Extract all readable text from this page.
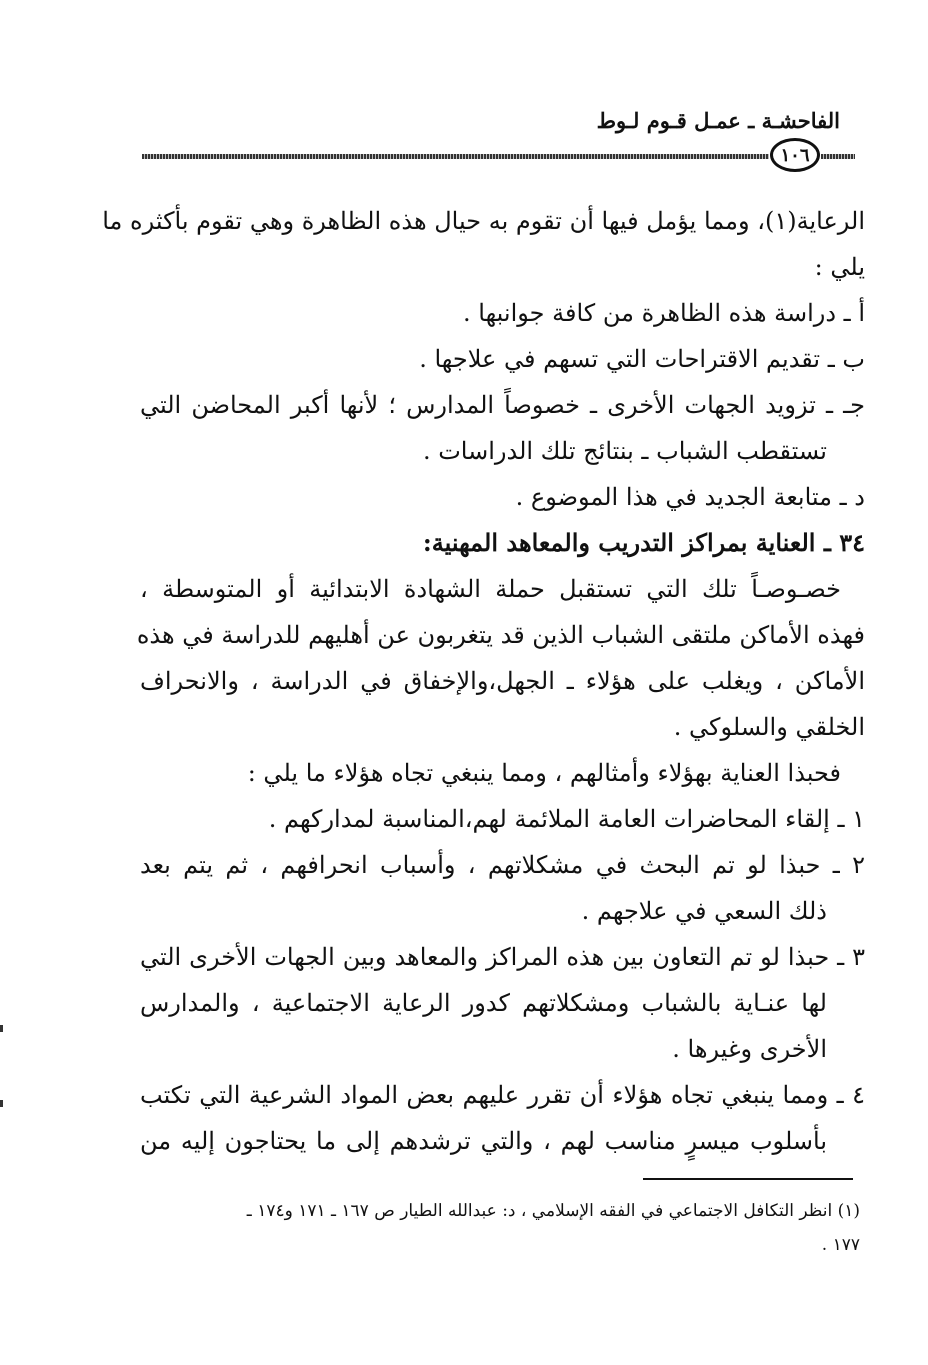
الفاحشـة ـ عمـل قـوم لـوط
١٠٦
الرعاية(١)، ومما يؤمل فيها أن تقوم به حيال هذه الظاهرة وهي تقوم بأكثره ما
يلي :
أ ـ دراسة هذه الظاهرة من كافة جوانبها .
ب ـ تقديم الاقتراحات التي تسهم في علاجها .
جـ ـ تزويد الجهات الأخرى ـ خصوصاً المدارس ؛ لأنها أكبر المحاضن التي
تستقطب الشباب ـ بنتائج تلك الدراسات .
د ـ متابعة الجديد في هذا الموضوع .
٣٤ ـ العناية بمراكز التدريب والمعاهد المهنية:
خصـوصـاً تلك التي تستقبل حملة الشهادة الابتدائية أو المتوسطة ،
فهذه الأماكن ملتقى الشباب الذين قد يتغربون عن أهليهم للدراسة في هذه
الأماكن ، ويغلب على هؤلاء ـ الجهل،والإخفاق في الدراسة ، والانحراف
الخلقي والسلوكي .
فحبذا العناية بهؤلاء وأمثالهم ، ومما ينبغي تجاه هؤلاء ما يلي :
١ ـ إلقاء المحاضرات العامة الملائمة لهم،المناسبة لمداركهم .
٢ ـ حبذا لو تم البحث في مشكلاتهم ، وأسباب انحرافهم ، ثم يتم بعد
ذلك السعي في علاجهم .
٣ ـ حبذا لو تم التعاون بين هذه المراكز والمعاهد وبين الجهات الأخرى التي
لها عنـاية بالشباب ومشكلاتهم كدور الرعاية الاجتماعية ، والمدارس
الأخرى وغيرها .
٤ ـ ومما ينبغي تجاه هؤلاء أن تقرر عليهم بعض المواد الشرعية التي تكتب
بأسلوب ميسرٍ مناسب لهم ، والتي ترشدهم إلى ما يحتاجون إليه من
(١) انظر التكافل الاجتماعي في الفقه الإسلامي ، د: عبدالله الطيار ص ١٦٧ ـ ١٧١ و١٧٤ ـ
١٧٧ .
